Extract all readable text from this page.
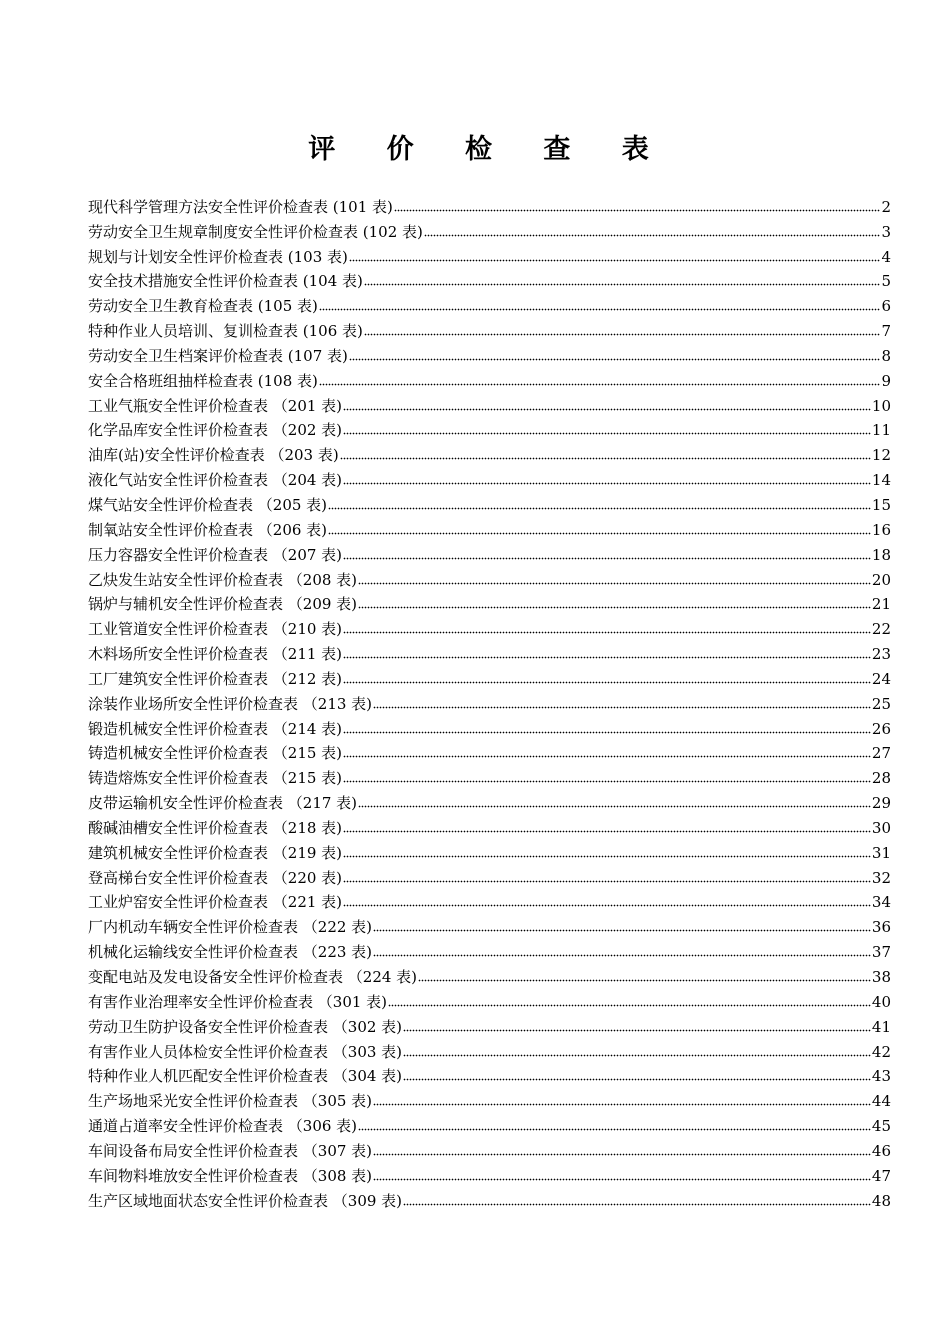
评 价 检 查 表
现代科学管理方法安全性评价检查表 (101 表)	2
劳动安全卫生规章制度安全性评价检查表 (102 表)	3
规划与计划安全性评价检查表 (103 表)	4
安全技术措施安全性评价检查表 (104 表)	5
劳动安全卫生教育检查表 (105 表)	6
特种作业人员培训、复训检查表 (106 表)	7
劳动安全卫生档案评价检查表 (107 表)	8
安全合格班组抽样检查表 (108 表)	9
工业气瓶安全性评价检查表 （201 表)	10
化学品库安全性评价检查表 （202 表)	11
油库(站)安全性评价检查表 （203 表)	12
液化气站安全性评价检查表 （204 表)	14
煤气站安全性评价检查表 （205 表)	15
制氧站安全性评价检查表 （206 表)	16
压力容器安全性评价检查表 （207 表)	18
乙炔发生站安全性评价检查表 （208 表)	20
锅炉与辅机安全性评价检查表 （209 表)	21
工业管道安全性评价检查表 （210 表)	22
木料场所安全性评价检查表 （211 表)	23
工厂建筑安全性评价检查表 （212 表)	24
涂装作业场所安全性评价检查表 （213 表)	25
锻造机械安全性评价检查表 （214 表)	26
铸造机械安全性评价检查表 （215 表)	27
铸造熔炼安全性评价检查表 （215 表)	28
皮带运输机安全性评价检查表 （217 表)	29
酸碱油槽安全性评价检查表 （218 表)	30
建筑机械安全性评价检查表 （219 表)	31
登高梯台安全性评价检查表 （220 表)	32
工业炉窑安全性评价检查表 （221 表)	34
厂内机动车辆安全性评价检查表 （222 表)	36
机械化运输线安全性评价检查表 （223 表)	37
变配电站及发电设备安全性评价检查表 （224 表)	38
有害作业治理率安全性评价检查表 （301 表)	40
劳动卫生防护设备安全性评价检查表 （302 表)	41
有害作业人员体检安全性评价检查表 （303 表)	42
特种作业人机匹配安全性评价检查表 （304 表)	43
生产场地采光安全性评价检查表 （305 表)	44
通道占道率安全性评价检查表 （306 表)	45
车间设备布局安全性评价检查表 （307 表)	46
车间物料堆放安全性评价检查表 （308 表)	47
生产区域地面状态安全性评价检查表 （309 表)	48
